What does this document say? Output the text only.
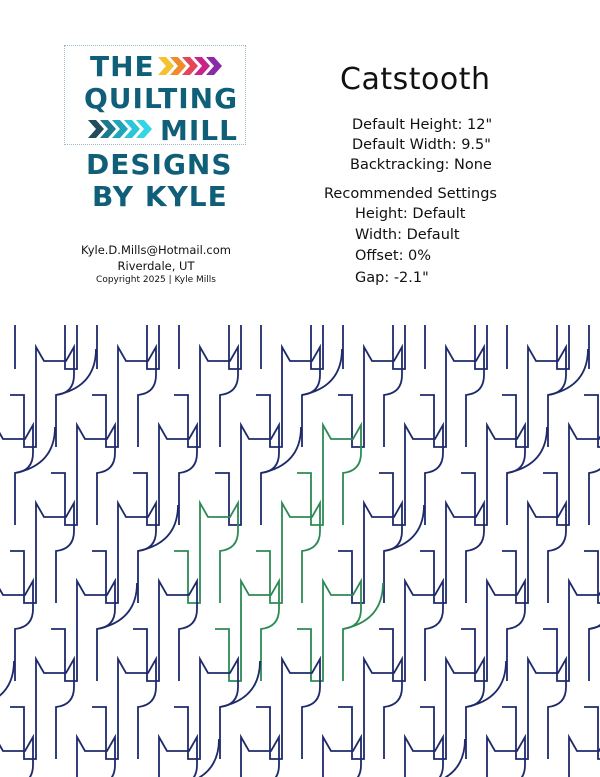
THE
QUILTING
MILL
DESIGNS
BY KYLE
Kyle.D.Mills@Hotmail.com
Riverdale, UT
Copyright 2025 | Kyle Mills
Catstooth
Default Height: 12"
Default Width: 9.5"
Backtracking: None
Recommended Settings
Height: Default
Width: Default
Offset: 0%
Gap: -2.1"
